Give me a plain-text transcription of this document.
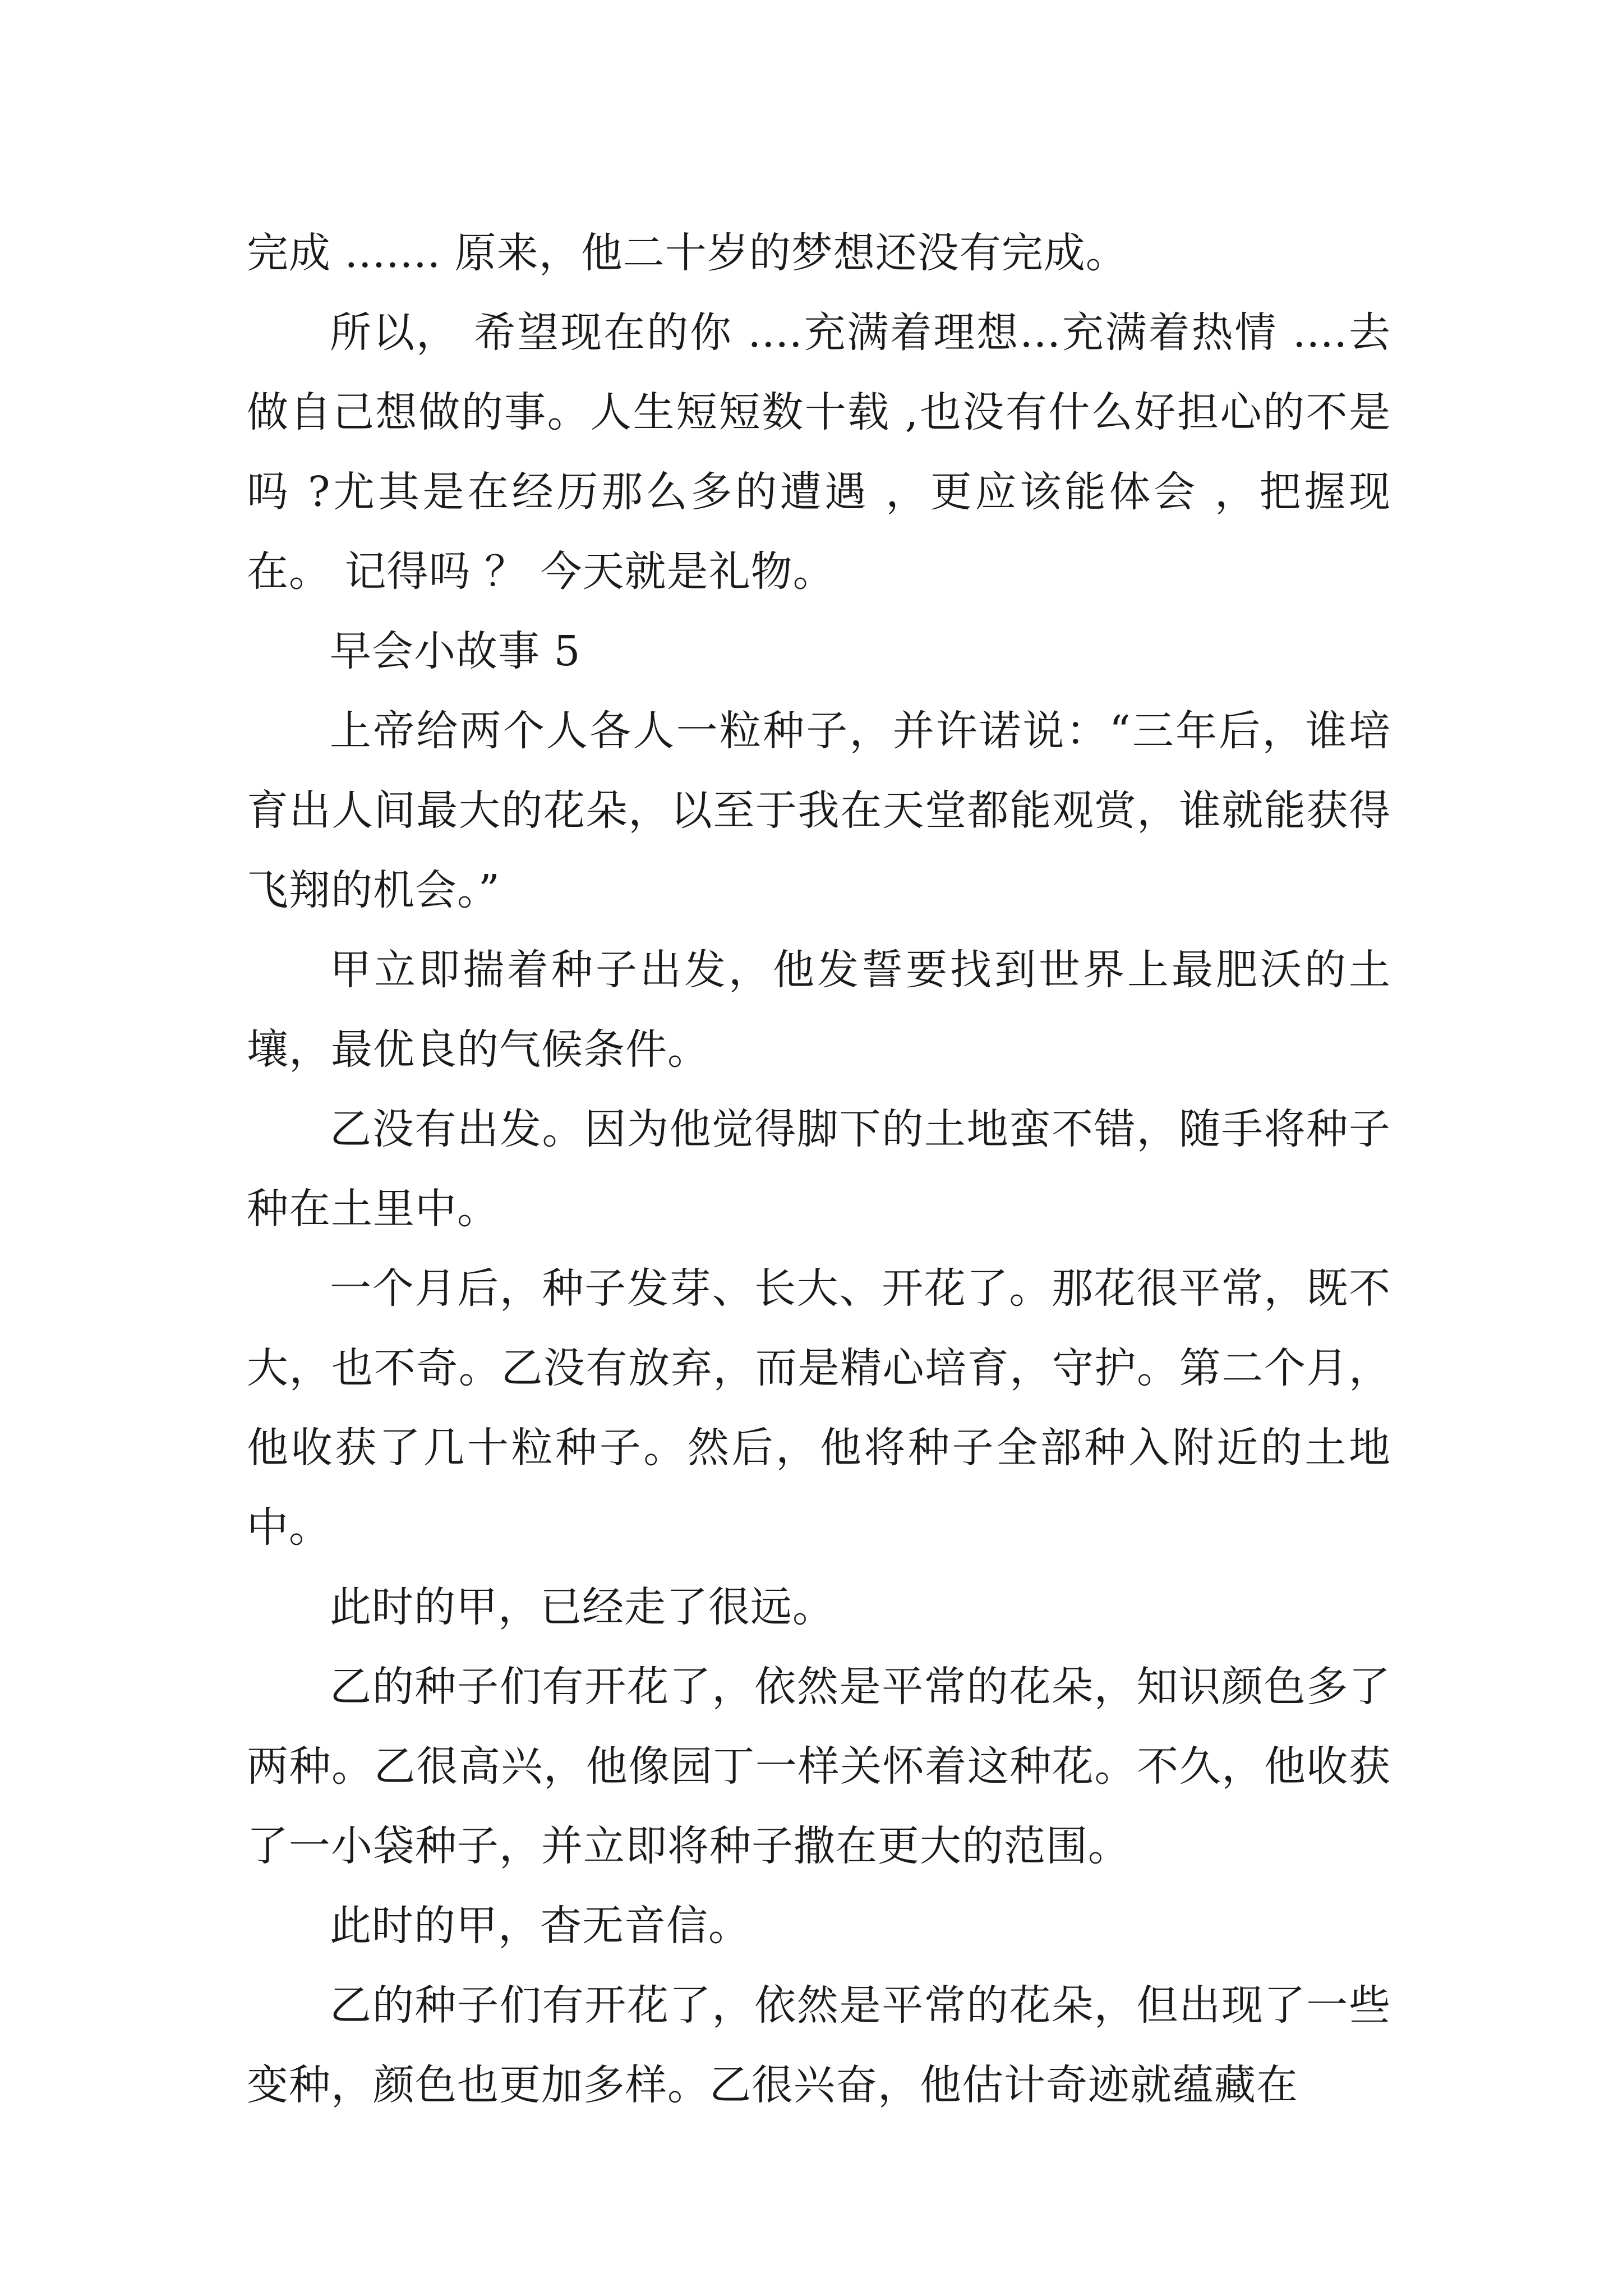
完成 ....... 原来，他二十岁的梦想还没有完成。

所以， 希望现在的你 ....充满着理想...充满着热情 ....去做自己想做的事。人生短短数十载 ,也没有什么好担心的不是吗 ?尤其是在经历那么多的遭遇 ，更应该能体会 ，把握现在。 记得吗 ？ 今天就是礼物。

早会小故事 5

上帝给两个人各人一粒种子，并许诺说：“三年后，谁培育出人间最大的花朵，以至于我在天堂都能观赏，谁就能获得飞翔的机会。”

甲立即揣着种子出发，他发誓要找到世界上最肥沃的土壤，最优良的气候条件。

乙没有出发。因为他觉得脚下的土地蛮不错，随手将种子种在土里中。

一个月后，种子发芽、长大、开花了。那花很平常，既不大，也不奇。乙没有放弃，而是精心培育，守护。第二个月，他收获了几十粒种子。然后，他将种子全部种入附近的土地中。

此时的甲，已经走了很远。

乙的种子们有开花了，依然是平常的花朵，知识颜色多了两种。乙很高兴，他像园丁一样关怀着这种花。不久，他收获了一小袋种子，并立即将种子撒在更大的范围。

此时的甲，杳无音信。

乙的种子们有开花了，依然是平常的花朵，但出现了一些变种，颜色也更加多样。乙很兴奋，他估计奇迹就蕴藏在
